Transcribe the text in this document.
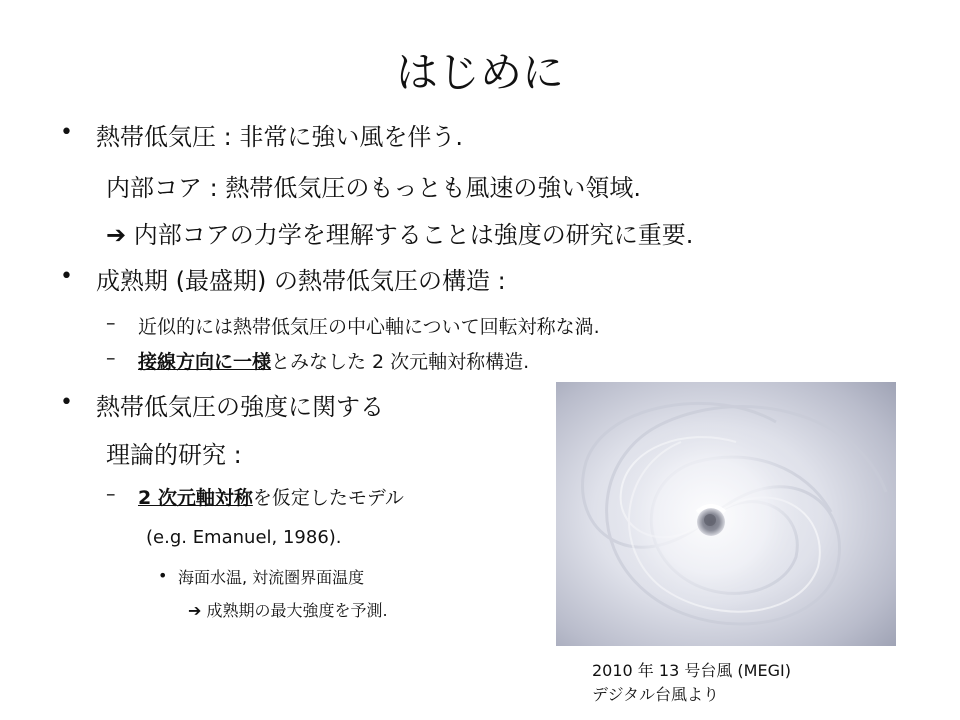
はじめに
• 熱帯低気圧 : 非常に強い風を伴う.
内部コア : 熱帯低気圧のもっとも風速の強い領域.
➔ 内部コアの力学を理解することは強度の研究に重要.
• 成熟期 (最盛期) の熱帯低気圧の構造 :
– 近似的には熱帯低気圧の中心軸について回転対称な渦.
– 接線方向に一様とみなした 2 次元軸対称構造.
• 熱帯低気圧の強度に関する
理論的研究 :
– 2 次元軸対称を仮定したモデル
(e.g. Emanuel, 1986).
• 海面水温, 対流圏界面温度
➔ 成熟期の最大強度を予測.
2010 年 13 号台風 (MEGI)
デジタル台風より
